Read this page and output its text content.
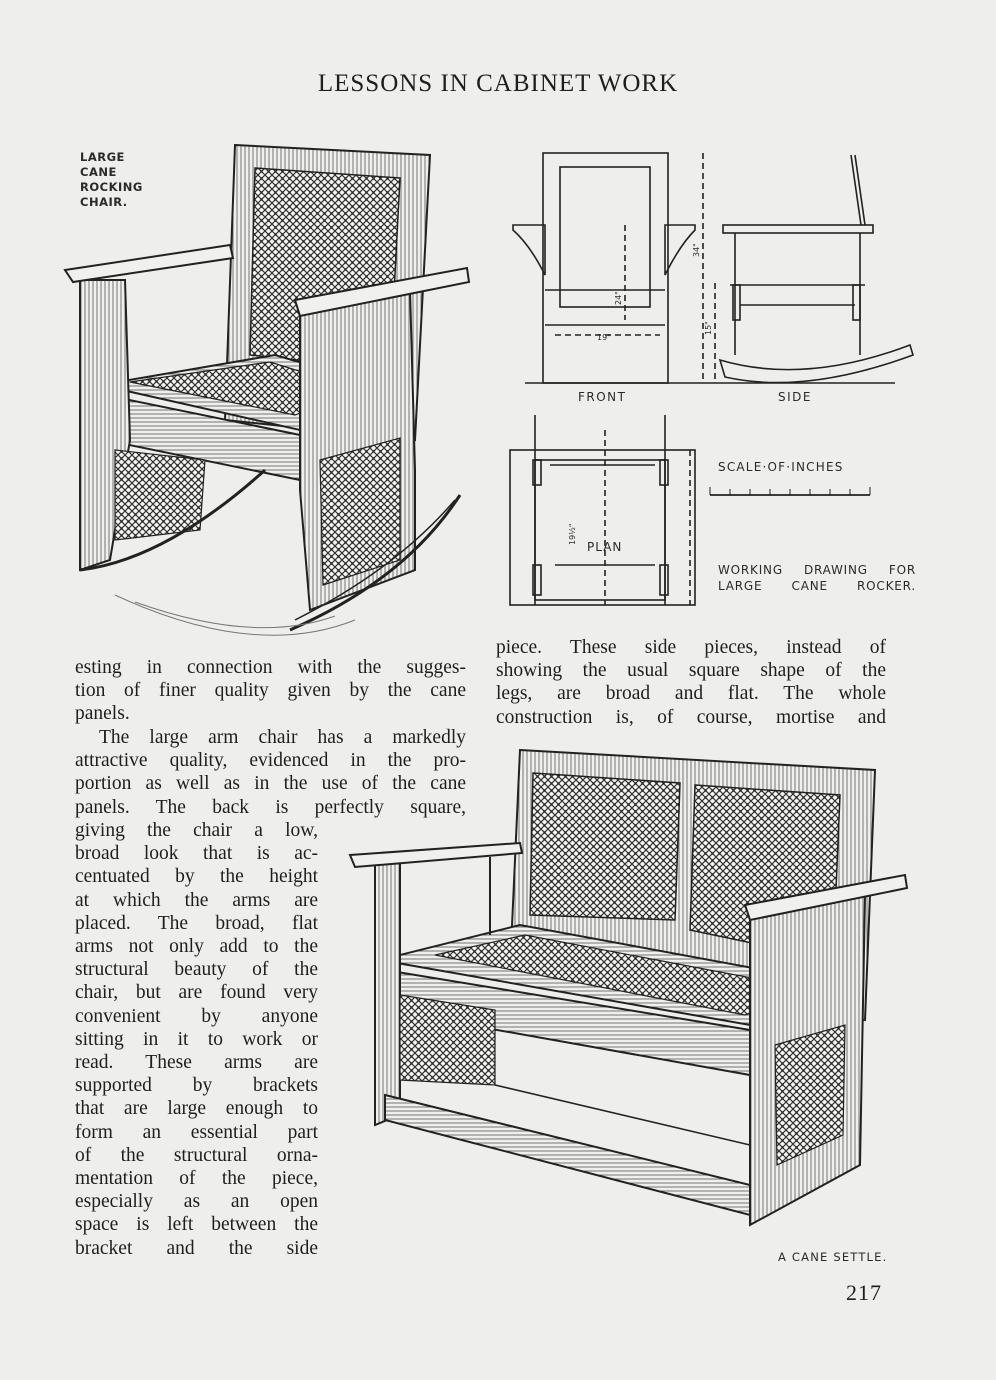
LESSONS IN CABINET WORK
LARGE
CANE
ROCKING
CHAIR.
FRONT	SIDE
34"
15"
24"
19"
19½"
PLAN
SCALE·OF·INCHES
WORKING DRAWING FOR
LARGE CANE ROCKER.
esting in connection with the sugges-
tion of finer quality given by the cane
panels.
The large arm chair has a markedly
attractive quality, evidenced in the pro-
portion as well as in the use of the cane
panels. The back is perfectly square,
giving the chair a low,
broad look that is ac-
centuated by the height
at which the arms are
placed. The broad, flat
arms not only add to the
structural beauty of the
chair, but are found very
convenient by anyone
sitting in it to work or
read. These arms are
supported by brackets
that are large enough to
form an essential part
of the structural orna-
mentation of the piece,
especially as an open
space is left between the
bracket and the side
piece. These side pieces, instead of
showing the usual square shape of the
legs, are broad and flat. The whole
construction is, of course, mortise and
A CANE SETTLE.
217
